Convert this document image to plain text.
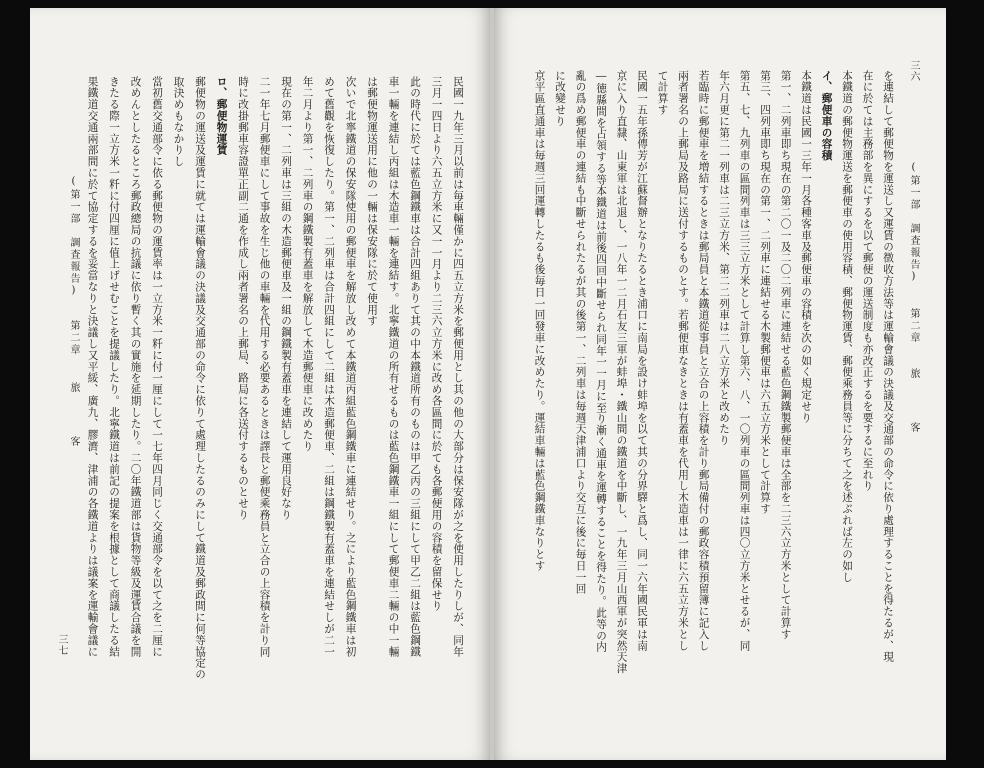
三七
(第一部　調査報告)
第二章
旅
客	民國一九年三月以前は毎車輛僅かに四五立方米を郵便用とし其の他の大部分は保安隊が之を使用したりしが、同年
三月一四日より六五立方米に又一一月より二三六立方米に改め各區間に於ても各郵便用の容積を留保せり
此の時代に於ては藍色鋼鐵車は合計四組ありて其の中本鐵道所有のものは甲乙丙の三組にして甲乙二組は藍色鋼鐵
車一輛を連結し丙組は木造車一輛を連結す。北寧鐵道の所有せるものは藍色鋼鐵車一組にして郵便車二輛の中一輛
は郵便物運送用に他の一輛は保安隊に於て使用す
次いで北寧鐵道の保安隊使用の郵便車を解放し改めて本鐵道丙組藍色鋼鐵車に連結せり。之により藍色鋼鐵車は初
めて舊觀を恢復したり。第一、二列車は合計四組にして二組は木造郵便車、二組は鋼鐵製有蓋車を連結せしが二一
年二月より第一、二列車の鋼鐵製有蓋車を解放して木造郵便車に改めたり
現在の第一、二列車は三組の木造郵便車及一組の鋼鐵製有蓋車を連結して運用良好なり
二一年七月郵便車にして事故を生じ他の車輛を代用する必要あるときは譯長と郵便乘務員と立合の上容積を計り同
時に改掛郵車容證單正副二通を作成し兩者署名の上郵局、路局に各送付するものとせり
ロ、郵便物運賃
郵便物の運送及運賃に就ては運輸會議の決議及交通部の命令に依りて處理したるのみにして鐵道及郵政間に何等協定の
取決めもなかりし
當初舊交通部令に依る郵便物の運賃率は一立方米一粁に付一厘にして一七年四月同じく交通部令を以て之を二厘に
改めんとしたるところ郵政總局の抗議に依り暫く其の實施を延期したり。二〇年鐵道部は貨物等級及運賃合議を開
きたる際一立方米一粁に付四厘に值上げせむことを提議したり。北寧鐵道は前記の提案を根據として商議したる結
果鐵道交通兩部間に於て協定するを妥當なりと決議し又平綏、廣九、膠濟、津浦の各鐵道よりは議案を運輸會議に
三六
(第一部　調査報告)
第二章
旅
客
を連結して郵便物を運送し又運賃の徴收方法等は運輸會議の決議及交通部の命令に依り處理することを得たるが、現
在に於ては主務部を異にするを以て郵便の運送制度も亦改正するを要するに至れり
本鐵道の郵便物運送を郵便車の使用容積、郵便物運賃、郵便乘務員等に分ちて之を述ぶれば左の如し
イ、郵便車の容積
本鐵道は民國一三年一月各種客車及郵便車の容積を次の如く規定せり
第一、二列車即ち現在の第二〇一及二〇二列車に連結せる藍色鋼鐵製郵便車は全部を二三六立方米として計算す
第三、四列車即ち現在の第一、二列車に連結せる木製郵便車は六五立方米として計算す
第五、七、九列車の區間列車は三三立方米として計算し第六、八、一〇列車の區間列車は四〇立方米とせるが、同
年六月更に第二一列車は二三立方米、第二二列車は二八立方米と改めたり
若臨時に郵便車を増結するときは郵局員と本鐵道從事員と立合の上容積を計り郵局備付の郵政容積預留簿に記入し
兩者署名の上郵局及路局に送付するものとす。若郵便車なきときは有蓋車を代用し木造車は一律に六五立方米とし
て計算す
民國一五年孫傳芳が江蘇督辦となりたるとき浦口に南局を設け蚌埠を以て其の分界驛と爲し、同一六年國民軍は南
京に入り直隸、山東軍は北退し、一八年一二月石友三軍が蚌埠・鐵山間の鐵道を中斷し、一九年三月山西軍が突然天津
―徳縣間を占領する等本鐵道は前後四回中斷せられ同年一一月に至り漸く通車を運轉することを得たり。此等の内
亂の爲め郵便車の連結も中斷せられたるが其の後第一、二列車は毎週天津浦口より交互に後に毎日一回
に改變せり
京平區直通車は毎週三回運轉したるも後毎日一回發車に改めたり。運結車輛は藍色鋼鐵車なりとす
